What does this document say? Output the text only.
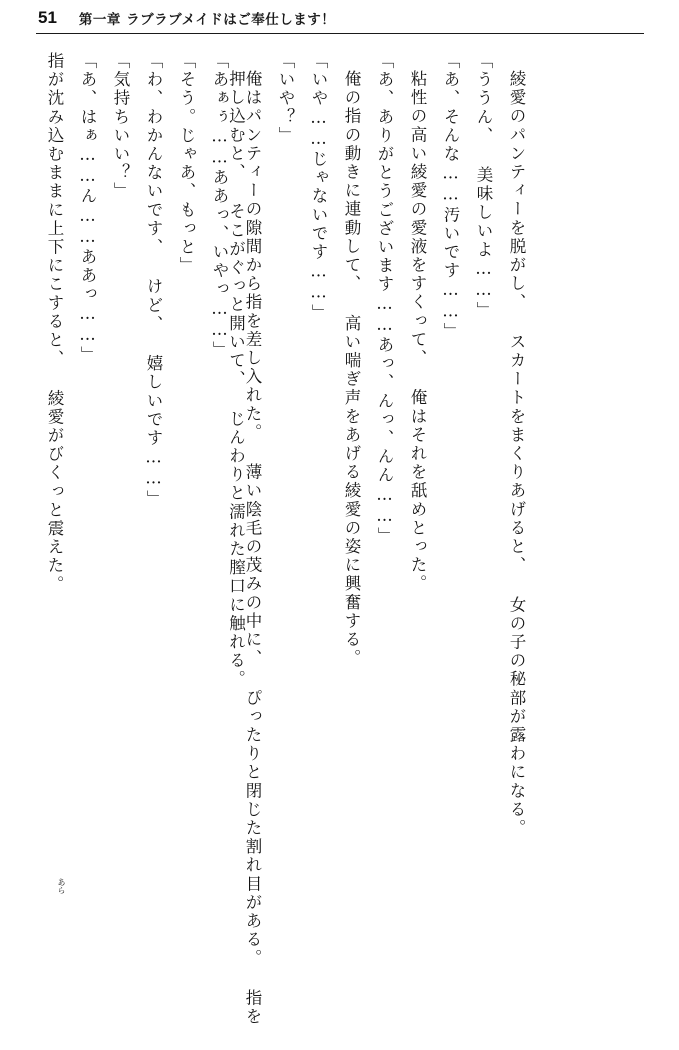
51 第一章 ラブラブメイドはご奉仕します！
指が沈み込むままに上下にこすると、 綾愛がびくっと震えた。 「あ、はぁ……ん……ああっ……」 「気持ちいい？」 「わ、わかんないです、 けど、 嬉しいです……」 「そう。じゃあ、もっと」 「あぁぅ……ああっ、いやっ……」 俺はパンティーの隙間から指を差し入れた。 薄い陰毛の茂みの中に、 ぴったりと閉じた割れ目がある。 指を押し込むと、 そこがぐっと開いて、 じんわりと濡れた膣口に触れる。	「いや？」 「いや……じゃないです……」 俺の指の動きに連動して、 高い喘ぎ声をあげる綾愛の姿に興奮する。 「あ、ありがとうございます……あっ、んっ、んん……」 粘性の高い綾愛の愛液をすくって、 俺はそれを舐めとった。 「あ、そんな……汚いです……」 「ううん、 美味しいよ……」 綾愛のパンティーを脱がし、 スカートをまくりあげると、 女の子の秘部が露わになる。
あら
